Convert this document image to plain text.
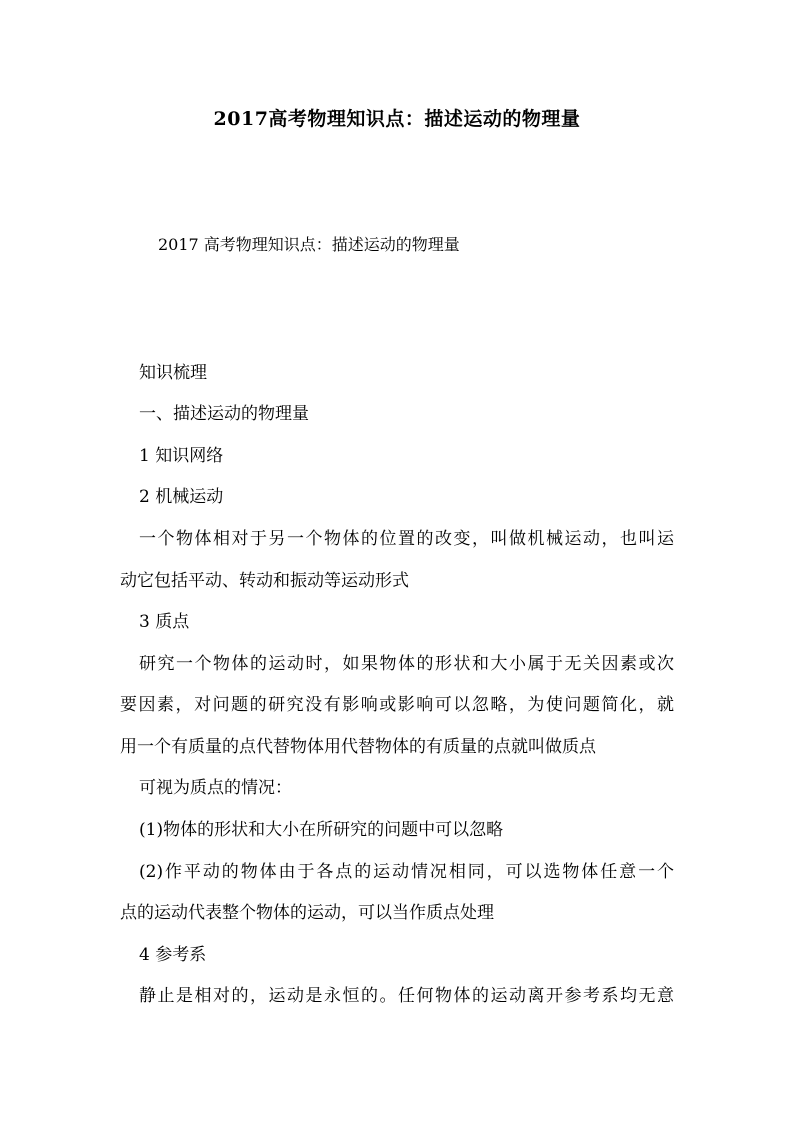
2017高考物理知识点：描述运动的物理量
2017 高考物理知识点：描述运动的物理量
知识梳理
一、描述运动的物理量
1 知识网络
2 机械运动
一个物体相对于另一个物体的位置的改变，叫做机械运动，也叫运
动它包括平动、转动和振动等运动形式
3 质点
研究一个物体的运动时，如果物体的形状和大小属于无关因素或次
要因素，对问题的研究没有影响或影响可以忽略，为使问题简化，就
用一个有质量的点代替物体用代替物体的有质量的点就叫做质点
可视为质点的情况：
(1)物体的形状和大小在所研究的问题中可以忽略
(2)作平动的物体由于各点的运动情况相同，可以选物体任意一个
点的运动代表整个物体的运动，可以当作质点处理
4 参考系
静止是相对的，运动是永恒的。任何物体的运动离开参考系均无意
